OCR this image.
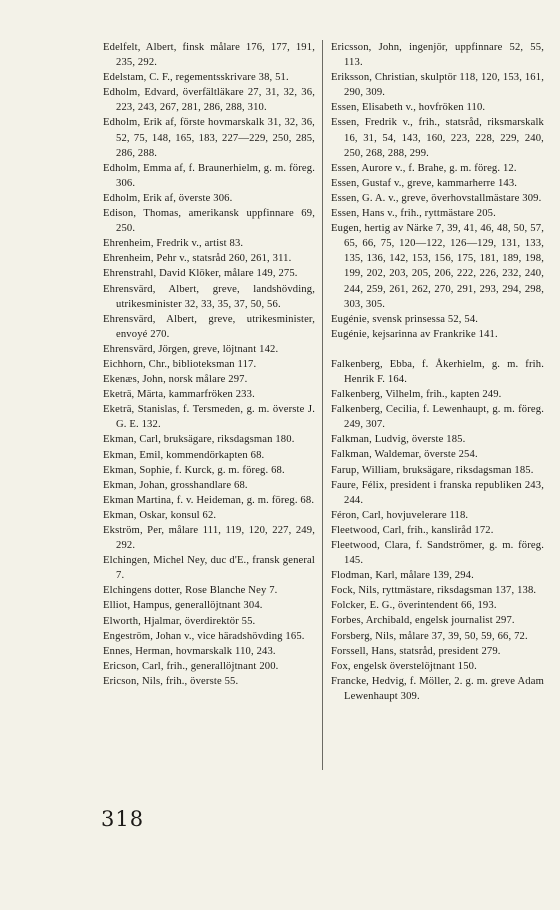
Edelfelt, Albert, finsk målare 176, 177, 191, 235, 292.

Edelstam, C. F., regementsskrivare 38, 51.

Edholm, Edvard, överfältläkare 27, 31, 32, 36, 223, 243, 267, 281, 286, 288, 310.

Edholm, Erik af, förste hovmarskalk 31, 32, 36, 52, 75, 148, 165, 183, 227—229, 250, 285, 286, 288.

Edholm, Emma af, f. Braunerhielm, g. m. föreg. 306.

Edholm, Erik af, överste 306.

Edison, Thomas, amerikansk uppfinnare 69, 250.

Ehrenheim, Fredrik v., artist 83.

Ehrenheim, Pehr v., statsråd 260, 261, 311.

Ehrenstrahl, David Klöker, målare 149, 275.

Ehrensvärd, Albert, greve, landshövding, utrikesminister 32, 33, 35, 37, 50, 56.

Ehrensvärd, Albert, greve, utrikesminister, envoyé 270.

Ehrensvärd, Jörgen, greve, löjtnant 142.

Eichhorn, Chr., biblioteksman 117.

Ekenæs, John, norsk målare 297.

Eketrä, Märta, kammarfröken 233.

Eketrä, Stanislas, f. Tersmeden, g. m. överste J. G. E. 132.

Ekman, Carl, bruksägare, riksdagsman 180.

Ekman, Emil, kommendörkapten 68.

Ekman, Sophie, f. Kurck, g. m. föreg. 68.

Ekman, Johan, grosshandlare 68.

Ekman Martina, f. v. Heideman, g. m. föreg. 68.

Ekman, Oskar, konsul 62.

Ekström, Per, målare 111, 119, 120, 227, 249, 292.

Elchingen, Michel Ney, duc d'E., fransk general 7.

Elchingens dotter, Rose Blanche Ney 7.

Elliot, Hampus, generallöjtnant 304.

Elworth, Hjalmar, överdirektör 55.

Engeström, Johan v., vice häradshövding 165.

Ennes, Herman, hovmarskalk 110, 243.

Ericson, Carl, frih., generallöjtnant 200.

Ericson, Nils, frih., överste 55.

Ericsson, John, ingenjör, uppfinnare 52, 55, 113.

Eriksson, Christian, skulptör 118, 120, 153, 161, 290, 309.

Essen, Elisabeth v., hovfröken 110.

Essen, Fredrik v., frih., statsråd, riksmarskalk 16, 31, 54, 143, 160, 223, 228, 229, 240, 250, 268, 288, 299.

Essen, Aurore v., f. Brahe, g. m. föreg. 12.

Essen, Gustaf v., greve, kammarherre 143.

Essen, G. A. v., greve, överhovstallmästare 309.

Essen, Hans v., frih., ryttmästare 205.

Eugen, hertig av Närke 7, 39, 41, 46, 48, 50, 57, 65, 66, 75, 120—122, 126—129, 131, 133, 135, 136, 142, 153, 156, 175, 181, 189, 198, 199, 202, 203, 205, 206, 222, 226, 232, 240, 244, 259, 261, 262, 270, 291, 293, 294, 298, 303, 305.

Eugénie, svensk prinsessa 52, 54.

Eugénie, kejsarinna av Frankrike 141.

Falkenberg, Ebba, f. Åkerhielm, g. m. frih. Henrik F. 164.

Falkenberg, Vilhelm, frih., kapten 249.

Falkenberg, Cecilia, f. Lewenhaupt, g. m. föreg. 249, 307.

Falkman, Ludvig, överste 185.

Falkman, Waldemar, överste 254.

Farup, William, bruksägare, riksdagsman 185.

Faure, Félix, president i franska republiken 243, 244.

Féron, Carl, hovjuvelerare 118.

Fleetwood, Carl, frih., kansliråd 172.

Fleetwood, Clara, f. Sandströmer, g. m. föreg. 145.

Flodman, Karl, målare 139, 294.

Fock, Nils, ryttmästare, riksdagsman 137, 138.

Folcker, E. G., överintendent 66, 193.

Forbes, Archibald, engelsk journalist 297.

Forsberg, Nils, målare 37, 39, 50, 59, 66, 72.

Forssell, Hans, statsråd, president 279.

Fox, engelsk överstelöjtnant 150.

Francke, Hedvig, f. Möller, 2. g. m. greve Adam Lewenhaupt 309.

318
